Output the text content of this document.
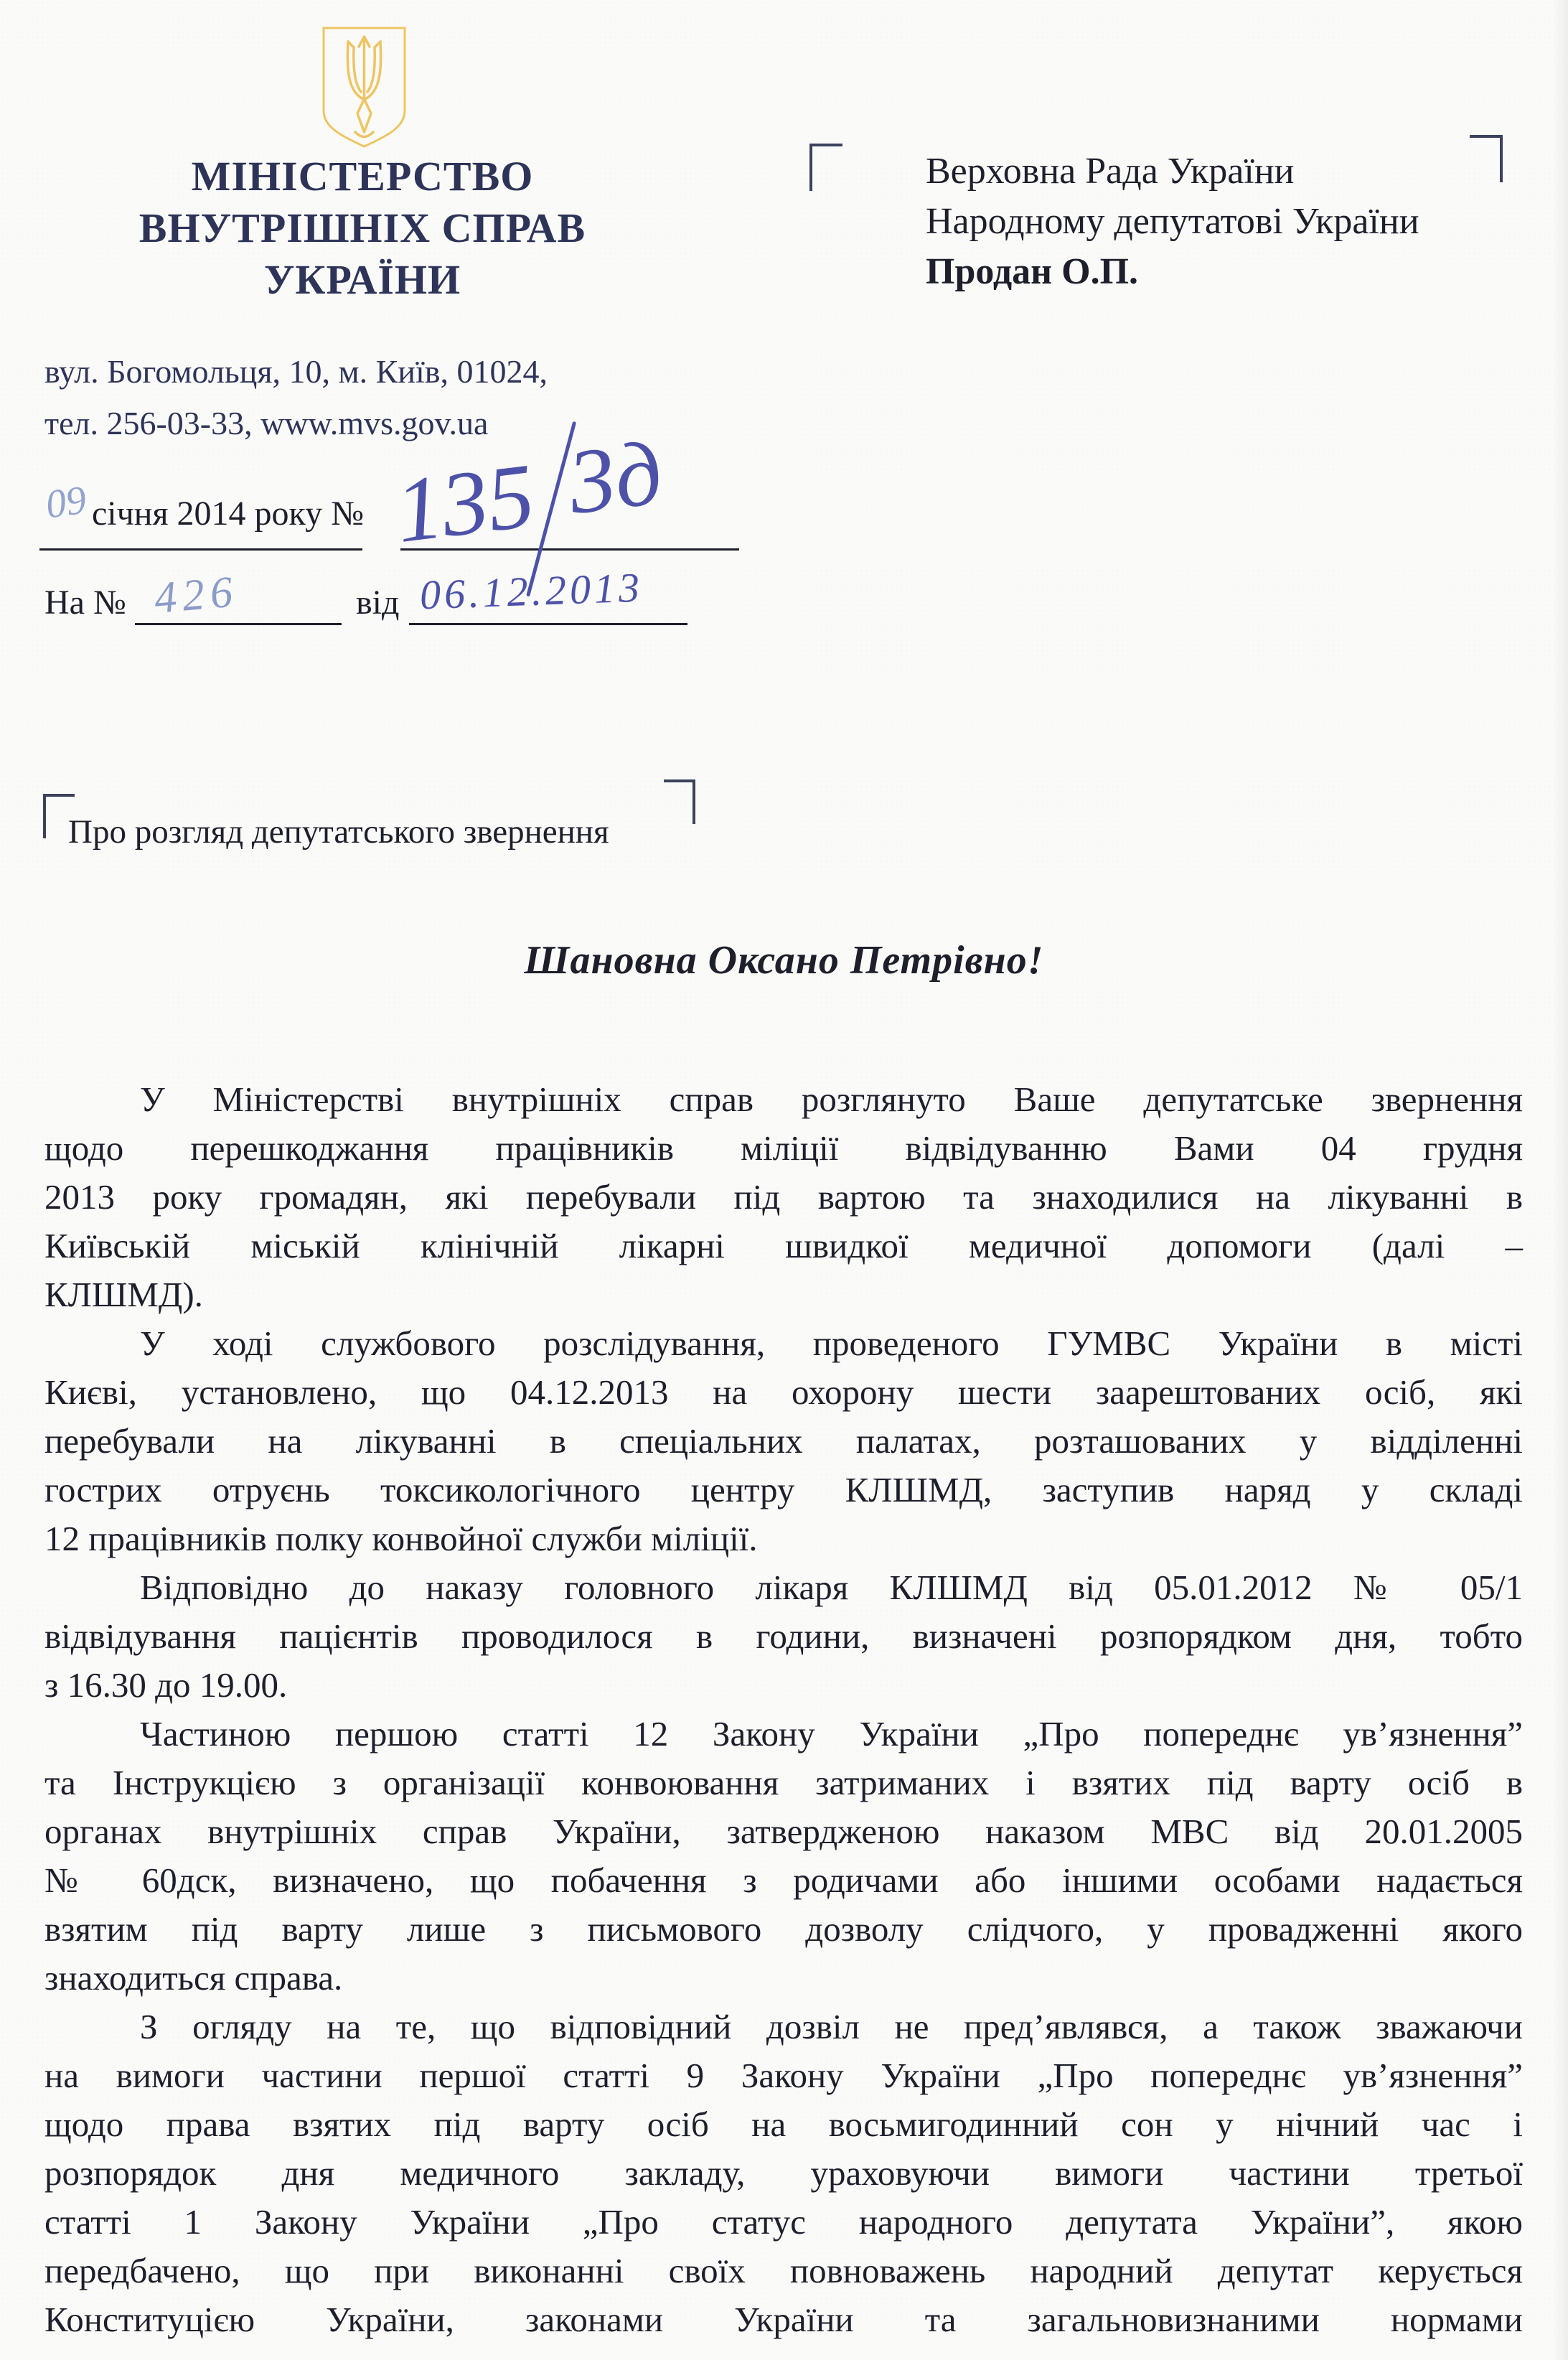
МІНІСТЕРСТВО
ВНУТРІШНІХ СПРАВ
УКРАЇНИ
вул. Богомольця, 10, м. Київ, 01024,
тел. 256-03-33, www.mvs.gov.ua
Верховна Рада України
Народному депутатові України
Продан О.П.
09 січня 2014 року № 135 3д
На № 426	від 06.12.2013
Про розгляд депутатського звернення
Шановна Оксано Петрівно!
У Міністерстві внутрішніх справ розглянуто Ваше депутатське звернення
щодо перешкоджання працівників міліції відвідуванню Вами 04 грудня
2013 року громадян, які перебували під вартою та знаходилися на лікуванні в
Київській міській клінічній лікарні швидкої медичної допомоги (далі –
КЛШМД).
У ході службового розслідування, проведеного ГУМВС України в місті
Києві, установлено, що 04.12.2013 на охорону шести заарештованих осіб, які
перебували на лікуванні в спеціальних палатах, розташованих у відділенні
гострих отруєнь токсикологічного центру КЛШМД, заступив наряд у складі
12 працівників полку конвойної служби міліції.
Відповідно до наказу головного лікаря КЛШМД від 05.01.2012 № 05/1
відвідування пацієнтів проводилося в години, визначені розпорядком дня, тобто
з 16.30 до 19.00.
Частиною першою статті 12 Закону України „Про попереднє ув’язнення”
та Інструкцією з організації конвоювання затриманих і взятих під варту осіб в
органах внутрішніх справ України, затвердженою наказом МВС від 20.01.2005
№ 60дск, визначено, що побачення з родичами або іншими особами надається
взятим під варту лише з письмового дозволу слідчого, у провадженні якого
знаходиться справа.
З огляду на те, що відповідний дозвіл не пред’являвся, а також зважаючи
на вимоги частини першої статті 9 Закону України „Про попереднє ув’язнення”
щодо права взятих під варту осіб на восьмигодинний сон у нічний час і
розпорядок дня медичного закладу, ураховуючи вимоги частини третьої
статті 1 Закону України „Про статус народного депутата України”, якою
передбачено, що при виконанні своїх повноважень народний депутат керується
Конституцією України, законами України та загальновизнаними нормами
